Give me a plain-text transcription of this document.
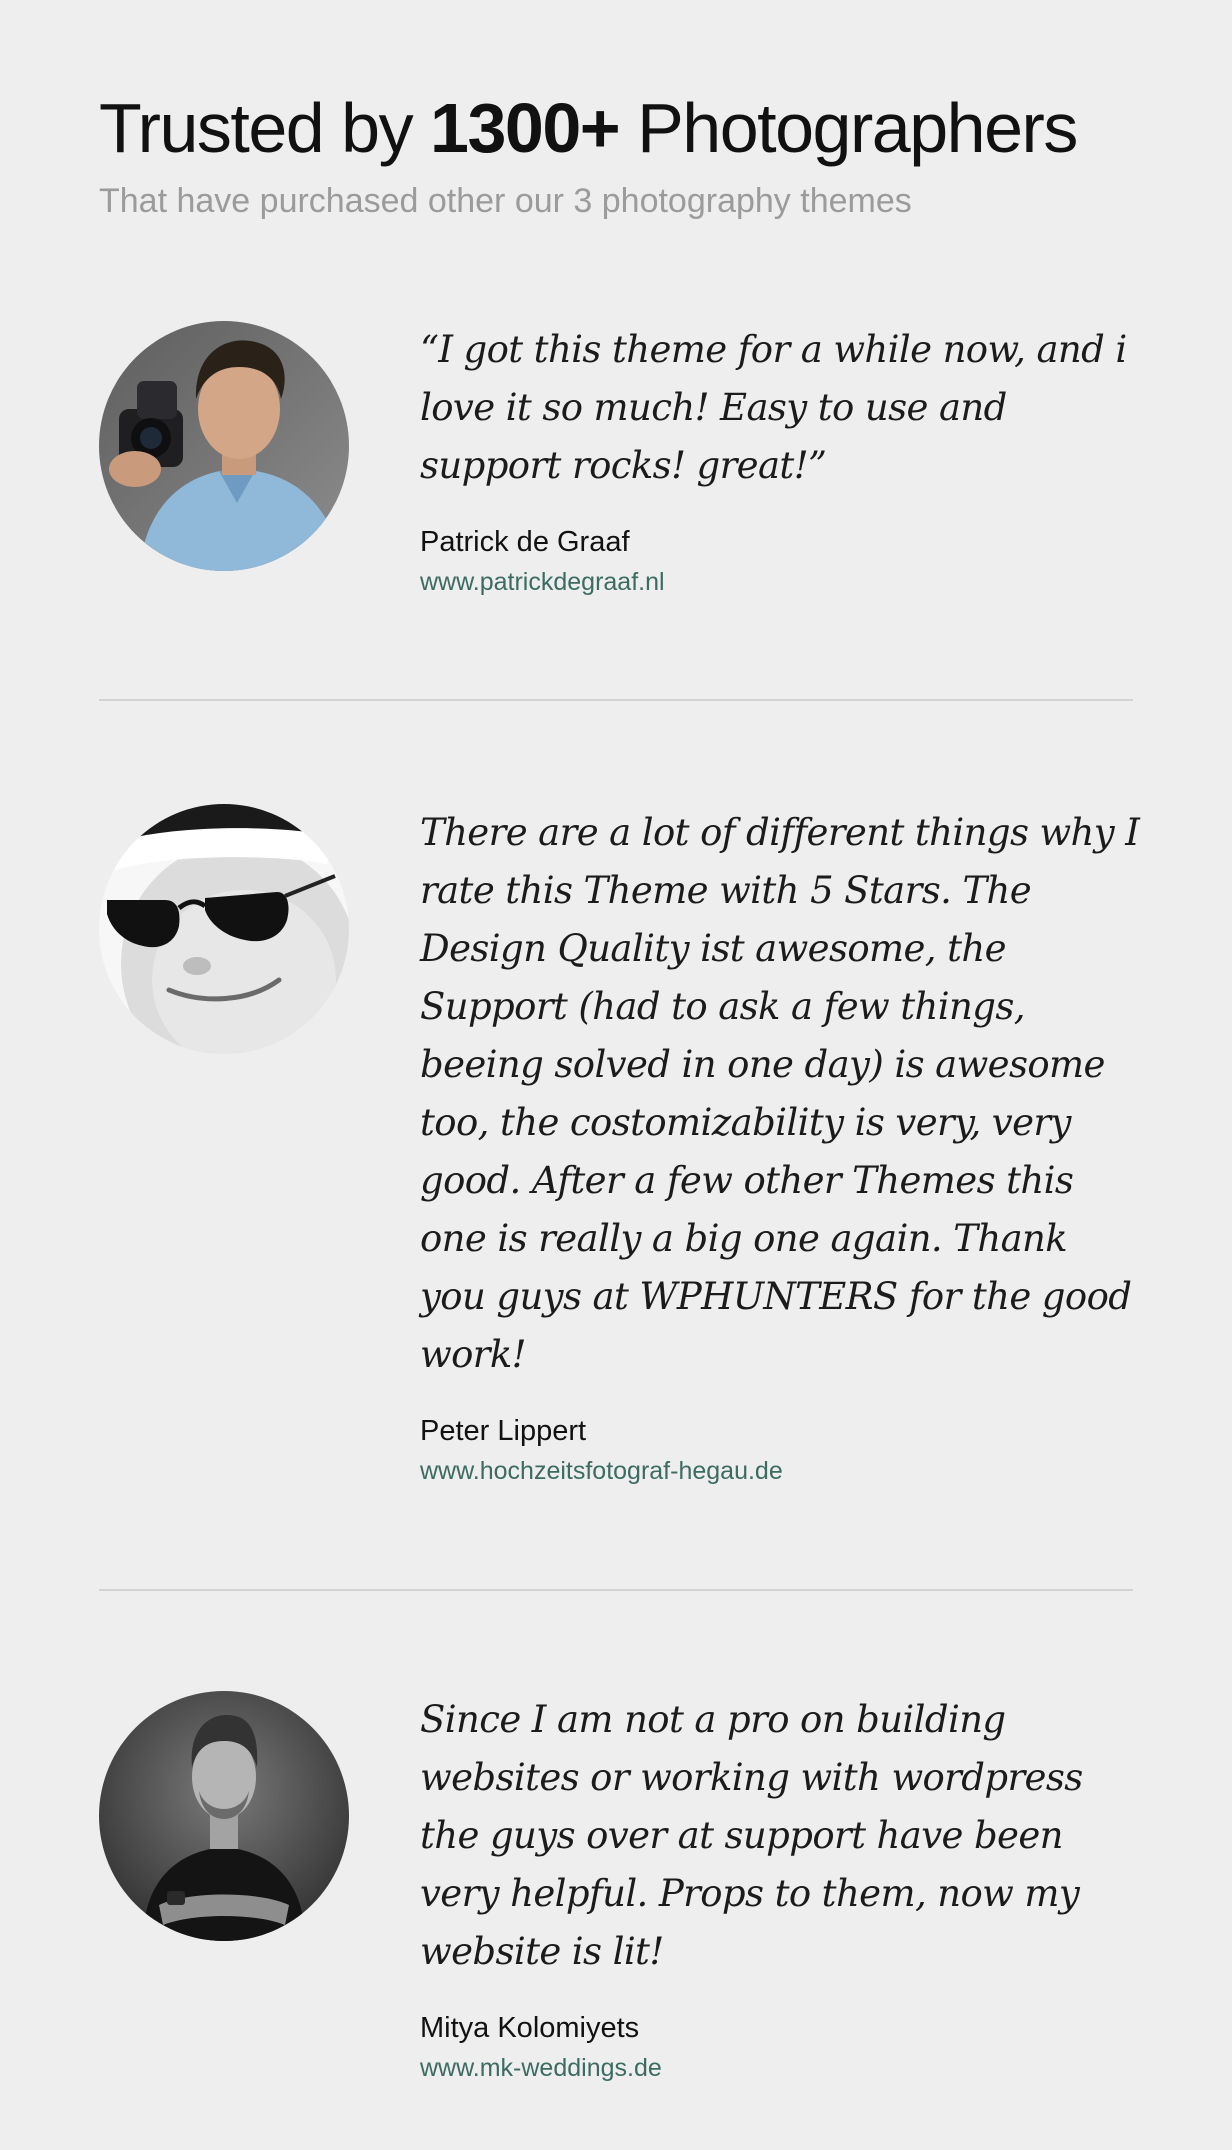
Trusted by 1300+ Photographers

That have purchased other our 3 photography themes

“I got this theme for a while now, and i love it so much! Easy to use and support rocks! great!”

Patrick de Graaf

www.patrickdegraaf.nl

There are a lot of different things why I rate this Theme with 5 Stars. The Design Quality ist awesome, the Support (had to ask a few things, beeing solved in one day) is awesome too, the costomizability is very, very good. After a few other Themes this one is really a big one again. Thank you guys at WPHUNTERS for the good work!

Peter Lippert

www.hochzeitsfotograf-hegau.de

Since I am not a pro on building websites or working with wordpress the guys over at support have been very helpful. Props to them, now my website is lit!

Mitya Kolomiyets

www.mk-weddings.de
